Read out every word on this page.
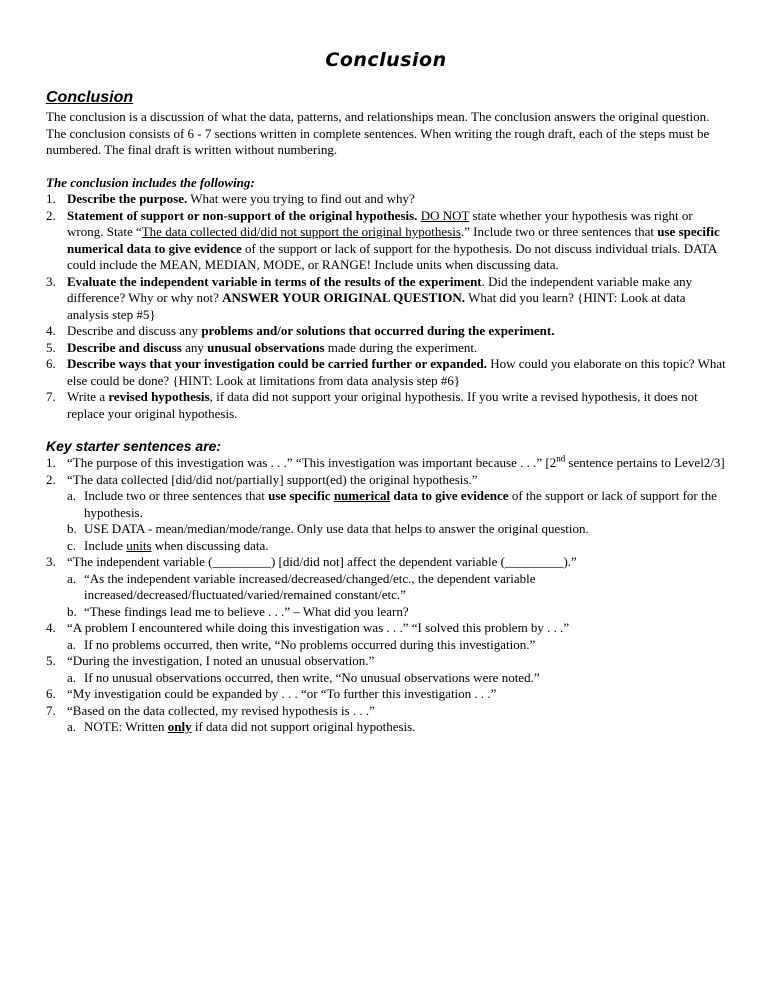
Conclusion
Conclusion

The conclusion is a discussion of what the data, patterns, and relationships mean. The conclusion answers the original question. The conclusion consists of 6 - 7 sections written in complete sentences. When writing the rough draft, each of the steps must be numbered. The final draft is written without numbering.

The conclusion includes the following:

1. Describe the purpose. What were you trying to find out and why?
2. Statement of support or non-support of the original hypothesis. DO NOT state whether your hypothesis was right or wrong. State “The data collected did/did not support the original hypothesis.” Include two or three sentences that use specific numerical data to give evidence of the support or lack of support for the hypothesis. Do not discuss individual trials. DATA could include the MEAN, MEDIAN, MODE, or RANGE! Include units when discussing data.
3. Evaluate the independent variable in terms of the results of the experiment. Did the independent variable make any difference? Why or why not? ANSWER YOUR ORIGINAL QUESTION. What did you learn? {HINT: Look at data analysis step #5}
4. Describe and discuss any problems and/or solutions that occurred during the experiment.
5. Describe and discuss any unusual observations made during the experiment.
6. Describe ways that your investigation could be carried further or expanded. How could you elaborate on this topic? What else could be done? {HINT: Look at limitations from data analysis step #6}
7. Write a revised hypothesis, if data did not support your original hypothesis. If you write a revised hypothesis, it does not replace your original hypothesis.
Key starter sentences are:
1. “The purpose of this investigation was . . .” “This investigation was important because . . .” [2nd sentence pertains to Level2/3]
2. “The data collected [did/did not/partially] support(ed) the original hypothesis.”
a. Include two or three sentences that use specific numerical data to give evidence of the support or lack of support for the hypothesis.
b. USE DATA - mean/median/mode/range. Only use data that helps to answer the original question.
c. Include units when discussing data.
3. “The independent variable (_________) [did/did not] affect the dependent variable (_________).”
a. “As the independent variable increased/decreased/changed/etc., the dependent variable increased/decreased/fluctuated/varied/remained constant/etc.”
b. “These findings lead me to believe . . .” – What did you learn?
4. “A problem I encountered while doing this investigation was . . .” “I solved this problem by . . .”
a. If no problems occurred, then write, “No problems occurred during this investigation.”
5. “During the investigation, I noted an unusual observation.”
a. If no unusual observations occurred, then write, “No unusual observations were noted.”
6. “My investigation could be expanded by . . . “or “To further this investigation . . .”
7. “Based on the data collected, my revised hypothesis is . . .”
a. NOTE: Written only if data did not support original hypothesis.
